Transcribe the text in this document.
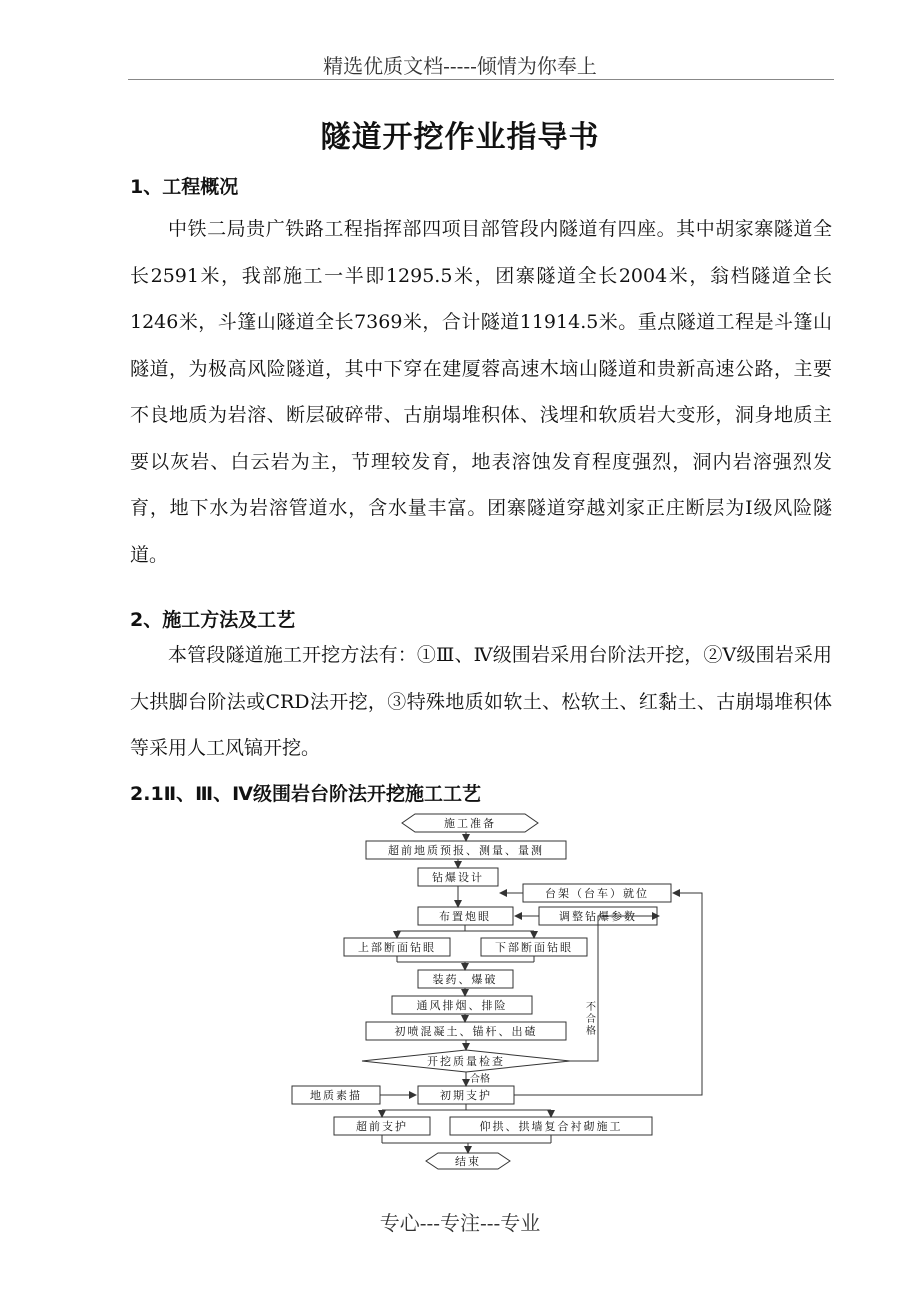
精选优质文档-----倾情为你奉上
隧道开挖作业指导书
1、工程概况

中铁二局贵广铁路工程指挥部四项目部管段内隧道有四座。其中胡家寨隧道全长2591米，我部施工一半即1295.5米，团寨隧道全长2004米，翁档隧道全长1246米，斗篷山隧道全长7369米，合计隧道11914.5米。重点隧道工程是斗篷山隧道，为极高风险隧道，其中下穿在建厦蓉高速木垴山隧道和贵新高速公路，主要不良地质为岩溶、断层破碎带、古崩塌堆积体、浅埋和软质岩大变形，洞身地质主要以灰岩、白云岩为主，节理较发育，地表溶蚀发育程度强烈，洞内岩溶强烈发育，地下水为岩溶管道水，含水量丰富。团寨隧道穿越刘家正庄断层为Ⅰ级风险隧道。

2、施工方法及工艺

本管段隧道施工开挖方法有：①Ⅲ、Ⅳ级围岩采用台阶法开挖，②Ⅴ级围岩采用大拱脚台阶法或CRD法开挖，③特殊地质如软土、松软土、红黏土、古崩塌堆积体等采用人工风镐开挖。

2.1Ⅱ、Ⅲ、Ⅳ级围岩台阶法开挖施工工艺
施工准备
超前地质预报、测量、量测
钻爆设计
台架（台车）就位
布置炮眼	调整钻爆参数
上部断面钻眼	下部断面钻眼
装药、爆破
通风排烟、排险
初喷混凝土、锚杆、出碴
开挖质量检查
合格
地质素描	初期支护
超前支护	仰拱、拱墙复合衬砌施工
结束
不 合 格
专心---专注---专业
